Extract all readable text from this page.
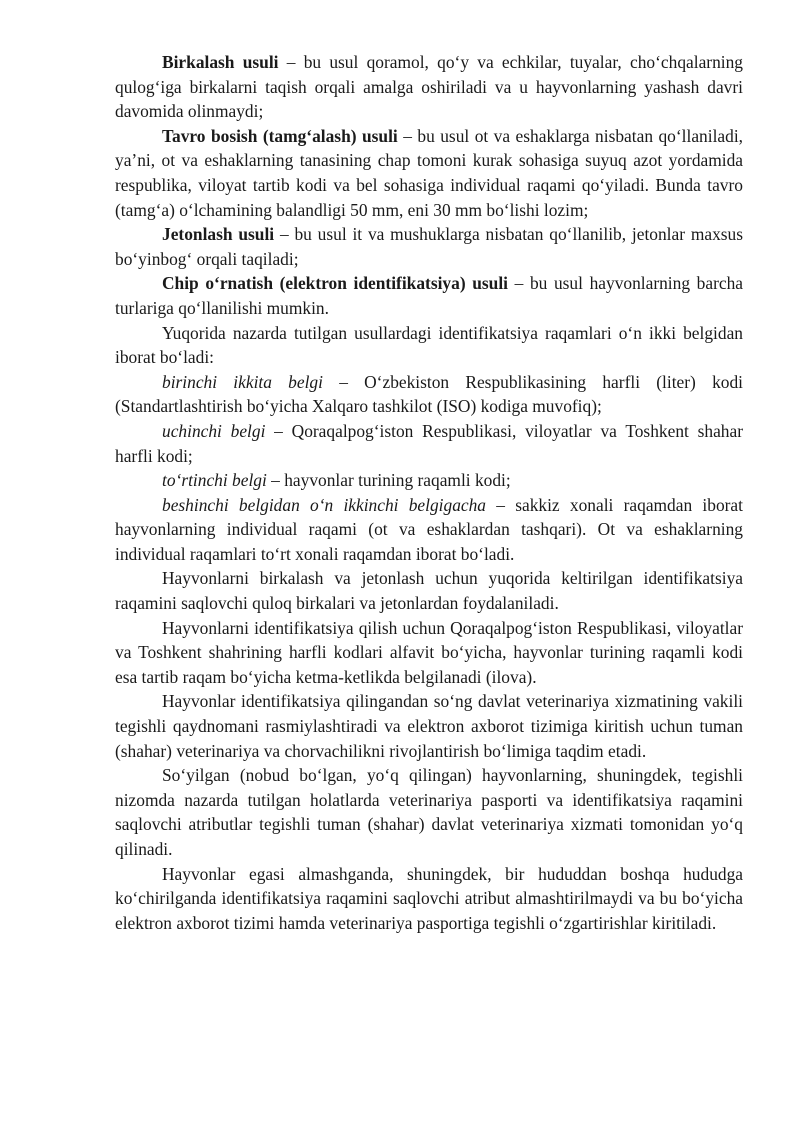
Birkalash usuli – bu usul qoramol, qo‘y va echkilar, tuyalar, cho‘chqalarning qulog‘iga birkalarni taqish orqali amalga oshiriladi va u hayvonlarning yashash davri davomida olinmaydi;

Tavro bosish (tamg‘alash) usuli – bu usul ot va eshaklarga nisbatan qo‘llaniladi, ya’ni, ot va eshaklarning tanasining chap tomoni kurak sohasiga suyuq azot yordamida respublika, viloyat tartib kodi va bel sohasiga individual raqami qo‘yiladi. Bunda tavro (tamg‘a) o‘lchamining balandligi 50 mm, eni 30 mm bo‘lishi lozim;

Jetonlash usuli – bu usul it va mushuklarga nisbatan qo‘llanilib, jetonlar maxsus bo‘yinbog‘ orqali taqiladi;

Chip o‘rnatish (elektron identifikatsiya) usuli – bu usul hayvonlarning barcha turlariga qo‘llanilishi mumkin.

Yuqorida nazarda tutilgan usullardagi identifikatsiya raqamlari o‘n ikki belgidan iborat bo‘ladi:

birinchi ikkita belgi – O‘zbekiston Respublikasining harfli (liter) kodi (Standartlashtirish bo‘yicha Xalqaro tashkilot (ISO) kodiga muvofiq);

uchinchi belgi – Qoraqalpog‘iston Respublikasi, viloyatlar va Toshkent shahar harfli kodi;

to‘rtinchi belgi – hayvonlar turining raqamli kodi;

beshinchi belgidan o‘n ikkinchi belgigacha – sakkiz xonali raqamdan iborat hayvonlarning individual raqami (ot va eshaklardan tashqari). Ot va eshaklarning individual raqamlari to‘rt xonali raqamdan iborat bo‘ladi.

Hayvonlarni birkalash va jetonlash uchun yuqorida keltirilgan identifikatsiya raqamini saqlovchi quloq birkalari va jetonlardan foydalaniladi.

Hayvonlarni identifikatsiya qilish uchun Qoraqalpog‘iston Respublikasi, viloyatlar va Toshkent shahrining harfli kodlari alfavit bo‘yicha, hayvonlar turining raqamli kodi esa tartib raqam bo‘yicha ketma-ketlikda belgilanadi (ilova).

Hayvonlar identifikatsiya qilingandan so‘ng davlat veterinariya xizmatining vakili tegishli qaydnomani rasmiylashtiradi va elektron axborot tizimiga kiritish uchun tuman (shahar) veterinariya va chorvachilikni rivojlantirish bo‘limiga taqdim etadi.

So‘yilgan (nobud bo‘lgan, yo‘q qilingan) hayvonlarning, shuningdek, tegishli nizomda nazarda tutilgan holatlarda veterinariya pasporti va identifikatsiya raqamini saqlovchi atributlar tegishli tuman (shahar) davlat veterinariya xizmati tomonidan yo‘q qilinadi.

Hayvonlar egasi almashganda, shuningdek, bir hududdan boshqa hududga ko‘chirilganda identifikatsiya raqamini saqlovchi atribut almashtirilmaydi va bu bo‘yicha elektron axborot tizimi hamda veterinariya pasportiga tegishli o‘zgartirishlar kiritiladi.
